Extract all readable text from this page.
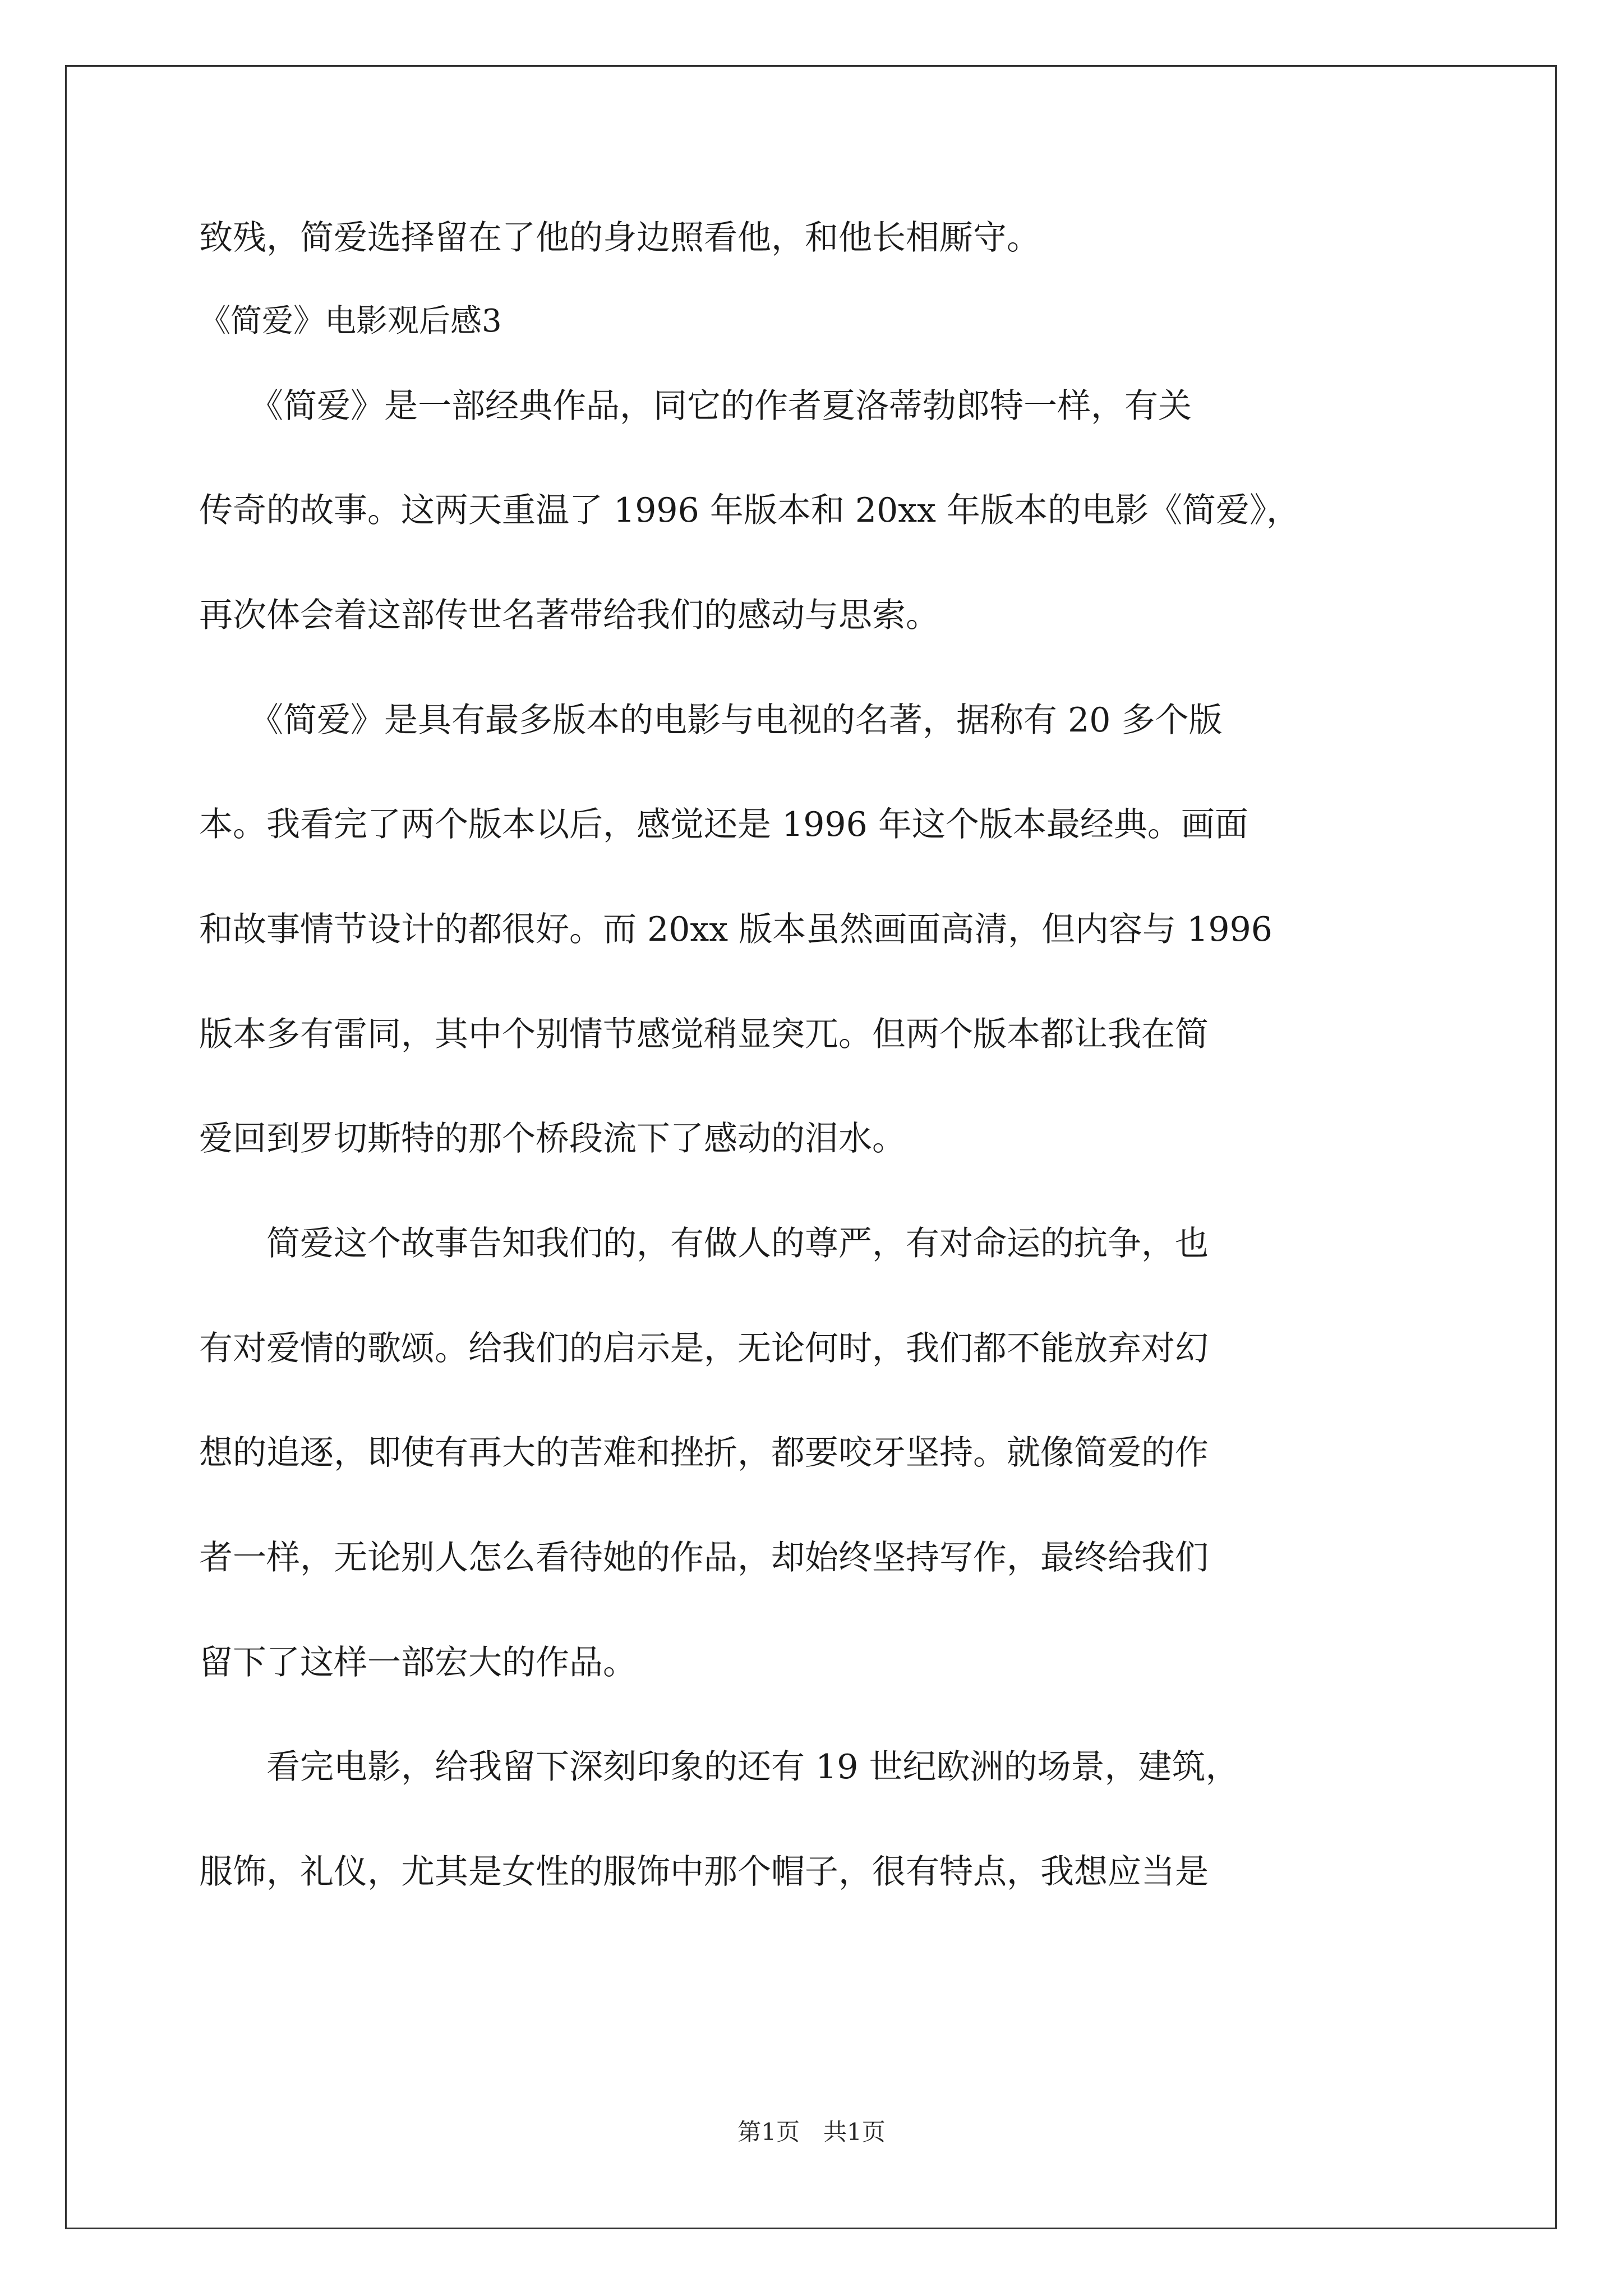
致残，简爱选择留在了他的身边照看他，和他长相厮守。
《简爱》电影观后感3
　　《简爱》是一部经典作品，同它的作者夏洛蒂勃郎特一样，有关
传奇的故事。这两天重温了 1996 年版本和 20xx 年版本的电影《简爱》，
再次体会着这部传世名著带给我们的感动与思索。
　　《简爱》是具有最多版本的电影与电视的名著，据称有 20 多个版
本。我看完了两个版本以后，感觉还是 1996 年这个版本最经典。画面
和故事情节设计的都很好。而 20xx 版本虽然画面高清，但内容与 1996
版本多有雷同，其中个别情节感觉稍显突兀。但两个版本都让我在简
爱回到罗切斯特的那个桥段流下了感动的泪水。
　　简爱这个故事告知我们的，有做人的尊严，有对命运的抗争，也
有对爱情的歌颂。给我们的启示是，无论何时，我们都不能放弃对幻
想的追逐，即使有再大的苦难和挫折，都要咬牙坚持。就像简爱的作
者一样，无论别人怎么看待她的作品，却始终坚持写作，最终给我们
留下了这样一部宏大的作品。
　　看完电影，给我留下深刻印象的还有 19 世纪欧洲的场景，建筑，
服饰，礼仪，尤其是女性的服饰中那个帽子，很有特点，我想应当是
第1页　共1页
